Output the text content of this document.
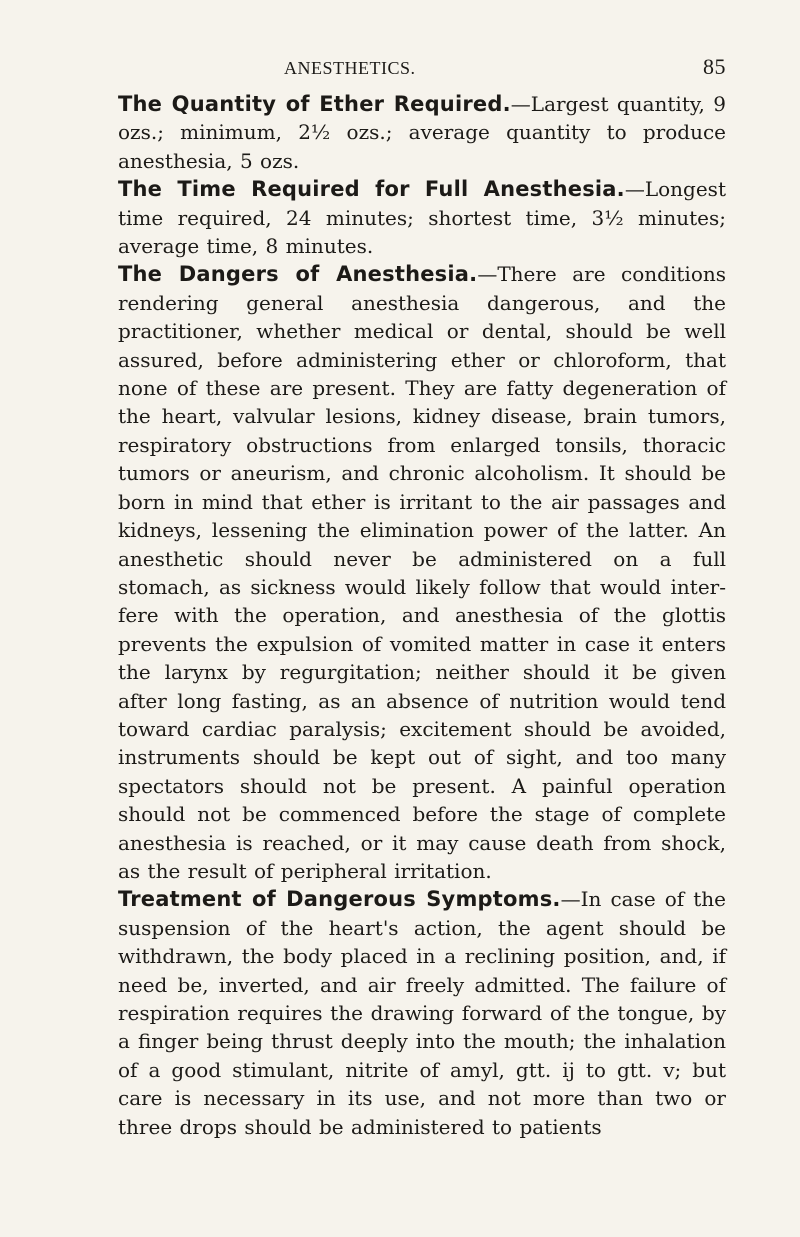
ANESTHETICS.	85

The Quantity of Ether Required.—Largest quantity, 9 ozs.; minimum, 2½ ozs.; average quantity to produce anesthesia, 5 ozs.

The Time Required for Full Anesthesia.—Longest time required, 24 minutes; shortest time, 3½ minutes; average time, 8 minutes.

The Dangers of Anesthesia.—There are conditions rendering general anesthesia dangerous, and the practitioner, whether medical or dental, should be well assured, before administering ether or chloroform, that none of these are present. They are fatty degeneration of the heart, valvular lesions, kidney disease, brain tumors, respiratory obstructions from enlarged tonsils, thoracic tumors or aneurism, and chronic alcoholism. It should be born in mind that ether is irritant to the air passages and kidneys, lessening the elimination power of the latter. An anesthetic should never be administered on a full stomach, as sickness would likely follow that would interfere with the operation, and anesthesia of the glottis prevents the expulsion of vomited matter in case it enters the larynx by regurgitation; neither should it be given after long fasting, as an absence of nutrition would tend toward cardiac paralysis; excitement should be avoided, instruments should be kept out of sight, and too many spectators should not be present. A painful operation should not be commenced before the stage of complete anesthesia is reached, or it may cause death from shock, as the result of peripheral irritation.

Treatment of Dangerous Symptoms.—In case of the suspension of the heart's action, the agent should be withdrawn, the body placed in a reclining position, and, if need be, inverted, and air freely admitted. The failure of respiration requires the drawing forward of the tongue, by a finger being thrust deeply into the mouth; the inhalation of a good stimulant, nitrite of amyl, gtt. ij to gtt. v; but care is necessary in its use, and not more than two or three drops should be administered to patients
